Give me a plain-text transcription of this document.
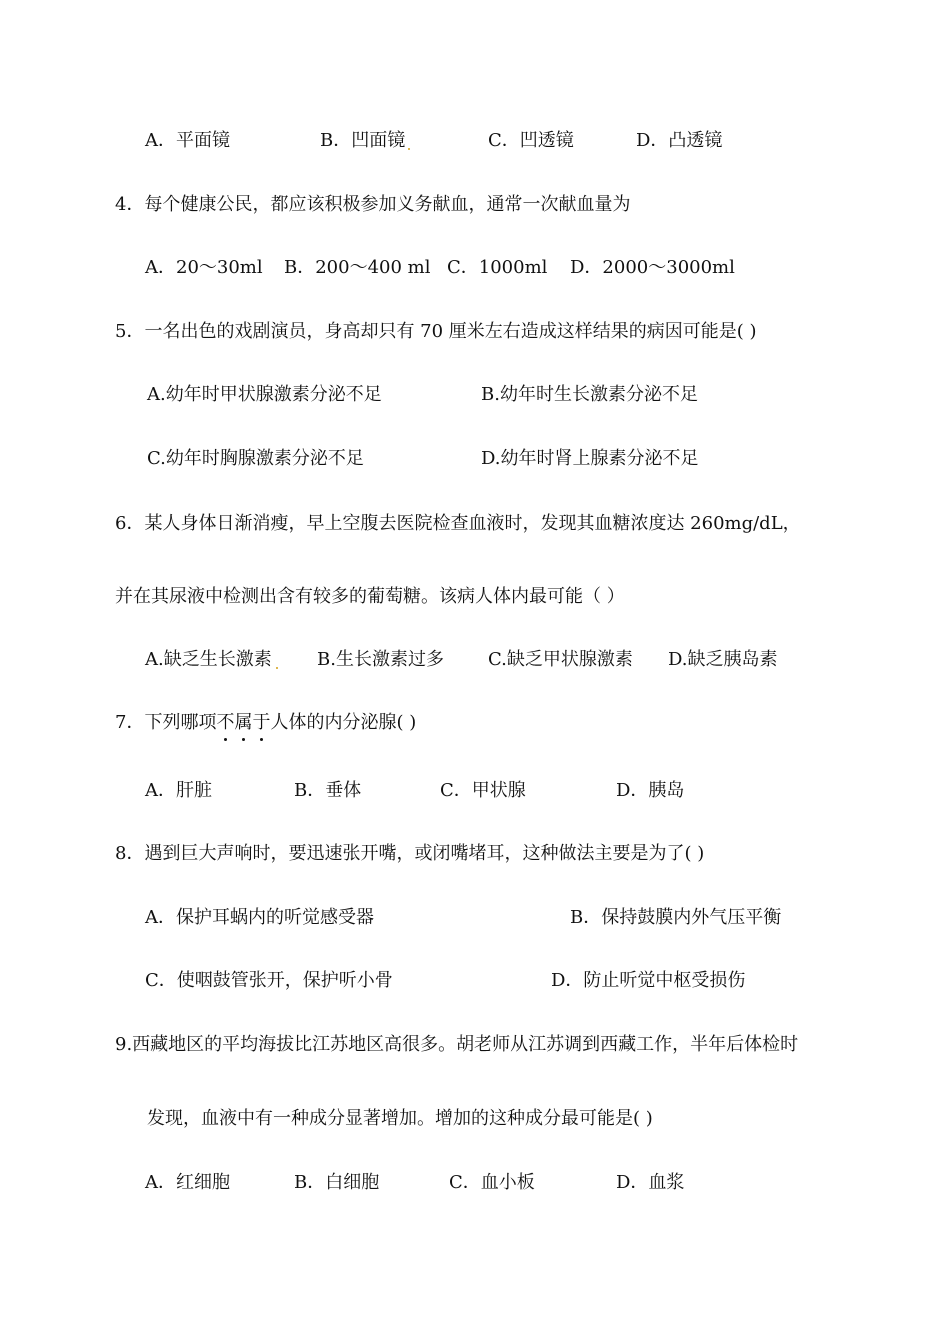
A．平面镜	B．凹面镜	C．凹透镜	D．凸透镜
4．每个健康公民，都应该积极参加义务献血，通常一次献血量为
A．20～30ml B．200～400 ml C．1000ml D．2000～3000ml
5．一名出色的戏剧演员，身高却只有 70 厘米左右造成这样结果的病因可能是( )
A.幼年时甲状腺激素分泌不足	B.幼年时生长激素分泌不足
C.幼年时胸腺激素分泌不足	D.幼年时肾上腺素分泌不足
6．某人身体日渐消瘦，早上空腹去医院检查血液时，发现其血糖浓度达 260mg/dL，
并在其尿液中检测出含有较多的葡萄糖。该病人体内最可能（ ）
A.缺乏生长激素	B.生长激素过多 C.缺乏甲状腺激素 D.缺乏胰岛素
7．下列哪项不属于人体的内分泌腺( )
A．肝脏	B．垂体	C．甲状腺	D．胰岛
8．遇到巨大声响时，要迅速张开嘴，或闭嘴堵耳，这种做法主要是为了( )
A．保护耳蜗内的听觉感受器	B．保持鼓膜内外气压平衡
C．使咽鼓管张开，保护听小骨	D．防止听觉中枢受损伤
9.西藏地区的平均海拔比江苏地区高很多。胡老师从江苏调到西藏工作，半年后体检时
发现，血液中有一种成分显著增加。增加的这种成分最可能是( )
A．红细胞	B．白细胞	C．血小板	D．血浆
